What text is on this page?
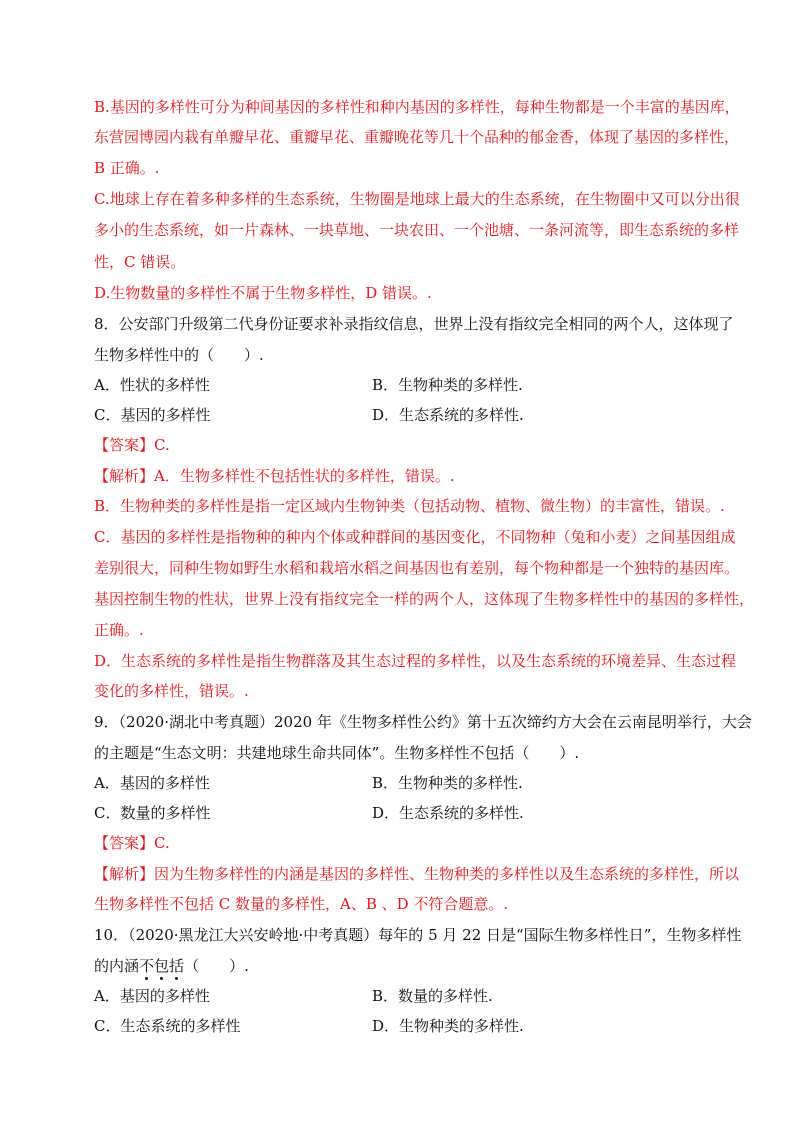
B.基因的多样性可分为种间基因的多样性和种内基因的多样性，每种生物都是一个丰富的基因库，
东营园博园内栽有单瓣早花、重瓣早花、重瓣晚花等几十个品种的郁金香，体现了基因的多样性，
B 正确。.
C.地球上存在着多种多样的生态系统，生物圈是地球上最大的生态系统，在生物圈中又可以分出很
多小的生态系统，如一片森林、一块草地、一块农田、一个池塘、一条河流等，即生态系统的多样
性，C 错误。
D.生物数量的多样性不属于生物多样性，D 错误。.
8．公安部门升级第二代身份证要求补录指纹信息，世界上没有指纹完全相同的两个人，这体现了
生物多样性中的（　　）.
A．性状的多样性	B．生物种类的多样性.
C．基因的多样性	D．生态系统的多样性.
【答案】C.
【解析】A．生物多样性不包括性状的多样性，错误。.
B．生物种类的多样性是指一定区域内生物钟类（包括动物、植物、微生物）的丰富性，错误。.
C．基因的多样性是指物种的种内个体或种群间的基因变化，不同物种（兔和小麦）之间基因组成
差别很大，同种生物如野生水稻和栽培水稻之间基因也有差别，每个物种都是一个独特的基因库。
基因控制生物的性状，世界上没有指纹完全一样的两个人，这体现了生物多样性中的基因的多样性，
正确。.
D．生态系统的多样性是指生物群落及其生态过程的多样性，以及生态系统的环境差异、生态过程
变化的多样性，错误。.
9．（2020·湖北中考真题）2020 年《生物多样性公约》第十五次缔约方大会在云南昆明举行，大会
的主题是“生态文明：共建地球生命共同体”。生物多样性不包括（　　）.
A．基因的多样性	B．生物种类的多样性.
C．数量的多样性	D．生态系统的多样性.
【答案】C.
【解析】因为生物多样性的内涵是基因的多样性、生物种类的多样性以及生态系统的多样性，所以
生物多样性不包括 C 数量的多样性，A、B 、D 不符合题意。.
10．（2020·黑龙江大兴安岭地·中考真题）每年的 5 月 22 日是“国际生物多样性日”，生物多样性
的内涵不包括（　　）.
A．基因的多样性	B．数量的多样性.
C．生态系统的多样性	D．生物种类的多样性.
